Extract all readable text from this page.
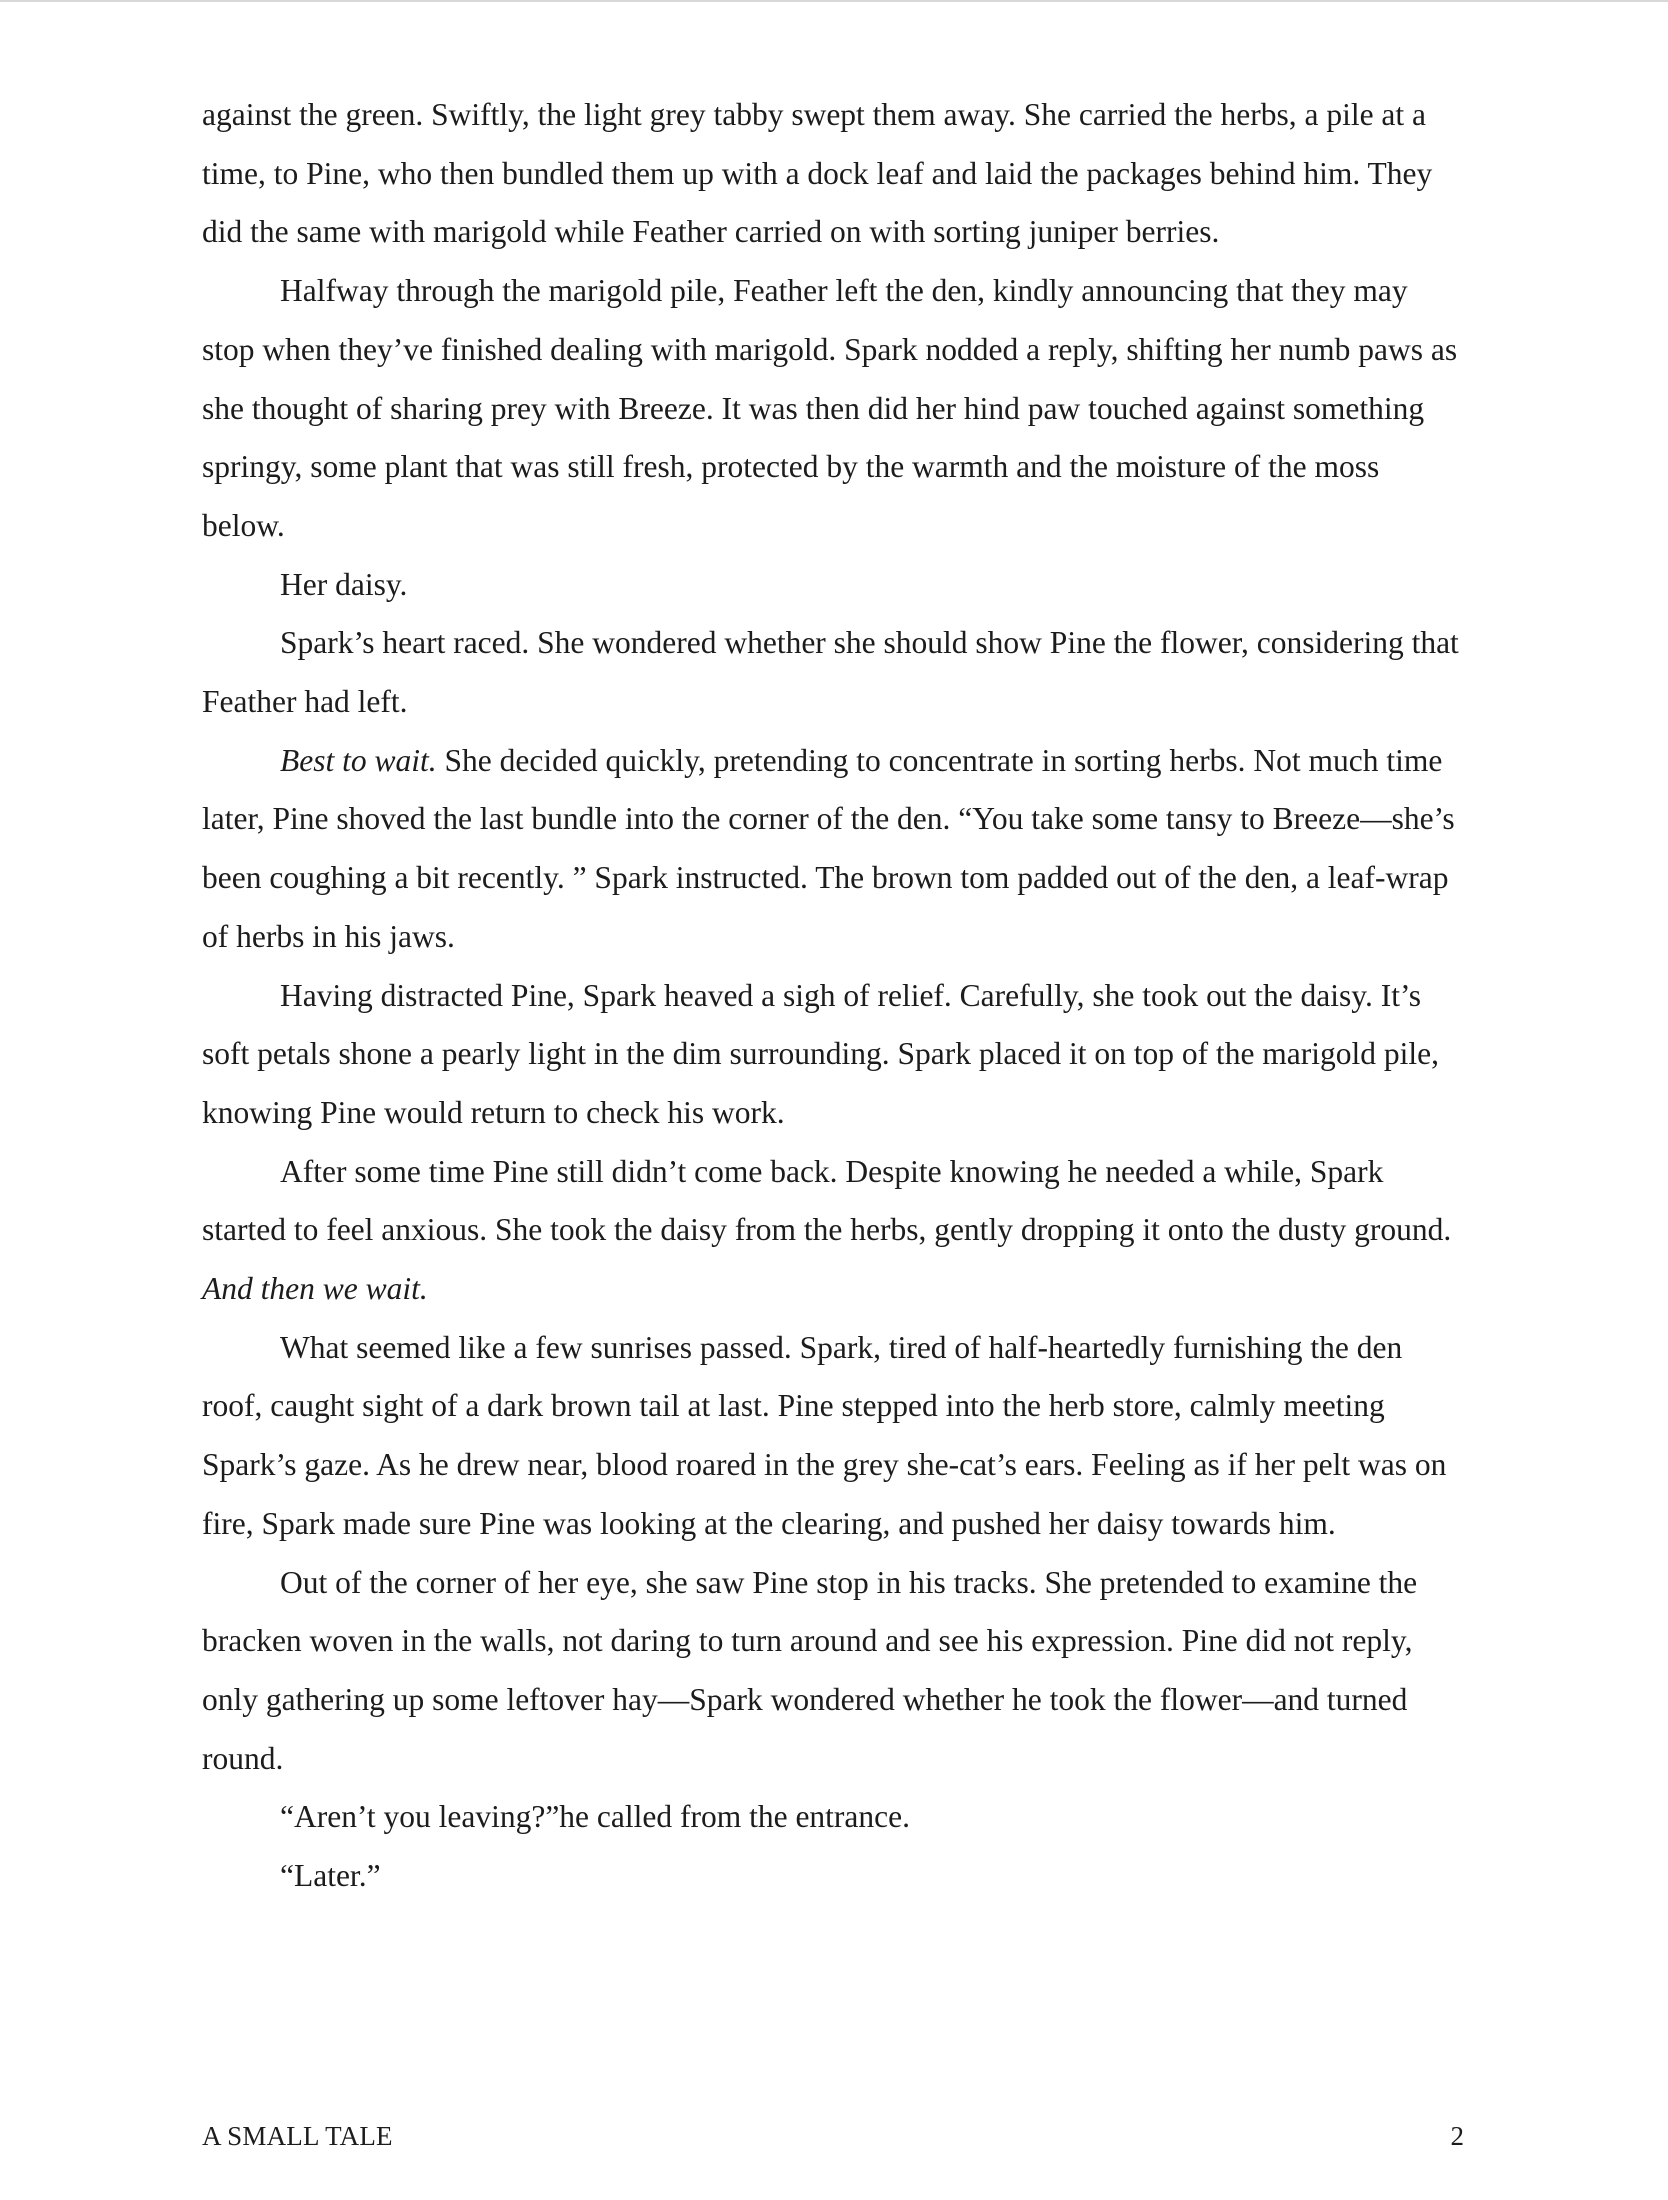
against the green. Swiftly, the light grey tabby swept them away. She carried the herbs, a pile at a time, to Pine, who then bundled them up with a dock leaf and laid the packages behind him. They did the same with marigold while Feather carried on with sorting juniper berries.

Halfway through the marigold pile, Feather left the den, kindly announcing that they may stop when they’ve finished dealing with marigold. Spark nodded a reply, shifting her numb paws as she thought of sharing prey with Breeze. It was then did her hind paw touched against something springy, some plant that was still fresh, protected by the warmth and the moisture of the moss below.

Her daisy.

Spark’s heart raced. She wondered whether she should show Pine the flower, considering that Feather had left.

Best to wait. She decided quickly, pretending to concentrate in sorting herbs. Not much time later, Pine shoved the last bundle into the corner of the den. “You take some tansy to Breeze—she’s been coughing a bit recently. ” Spark instructed. The brown tom padded out of the den, a leaf-wrap of herbs in his jaws.

Having distracted Pine, Spark heaved a sigh of relief. Carefully, she took out the daisy. It’s soft petals shone a pearly light in the dim surrounding. Spark placed it on top of the marigold pile, knowing Pine would return to check his work.

After some time Pine still didn’t come back. Despite knowing he needed a while, Spark started to feel anxious. She took the daisy from the herbs, gently dropping it onto the dusty ground. And then we wait.

What seemed like a few sunrises passed. Spark, tired of half-heartedly furnishing the den roof, caught sight of a dark brown tail at last. Pine stepped into the herb store, calmly meeting Spark’s gaze. As he drew near, blood roared in the grey she-cat’s ears. Feeling as if her pelt was on fire, Spark made sure Pine was looking at the clearing, and pushed her daisy towards him.

Out of the corner of her eye, she saw Pine stop in his tracks. She pretended to examine the bracken woven in the walls, not daring to turn around and see his expression. Pine did not reply, only gathering up some leftover hay—Spark wondered whether he took the flower—and turned round.

“Aren’t you leaving?”he called from the entrance.

“Later.”

A SMALL TALE	2
